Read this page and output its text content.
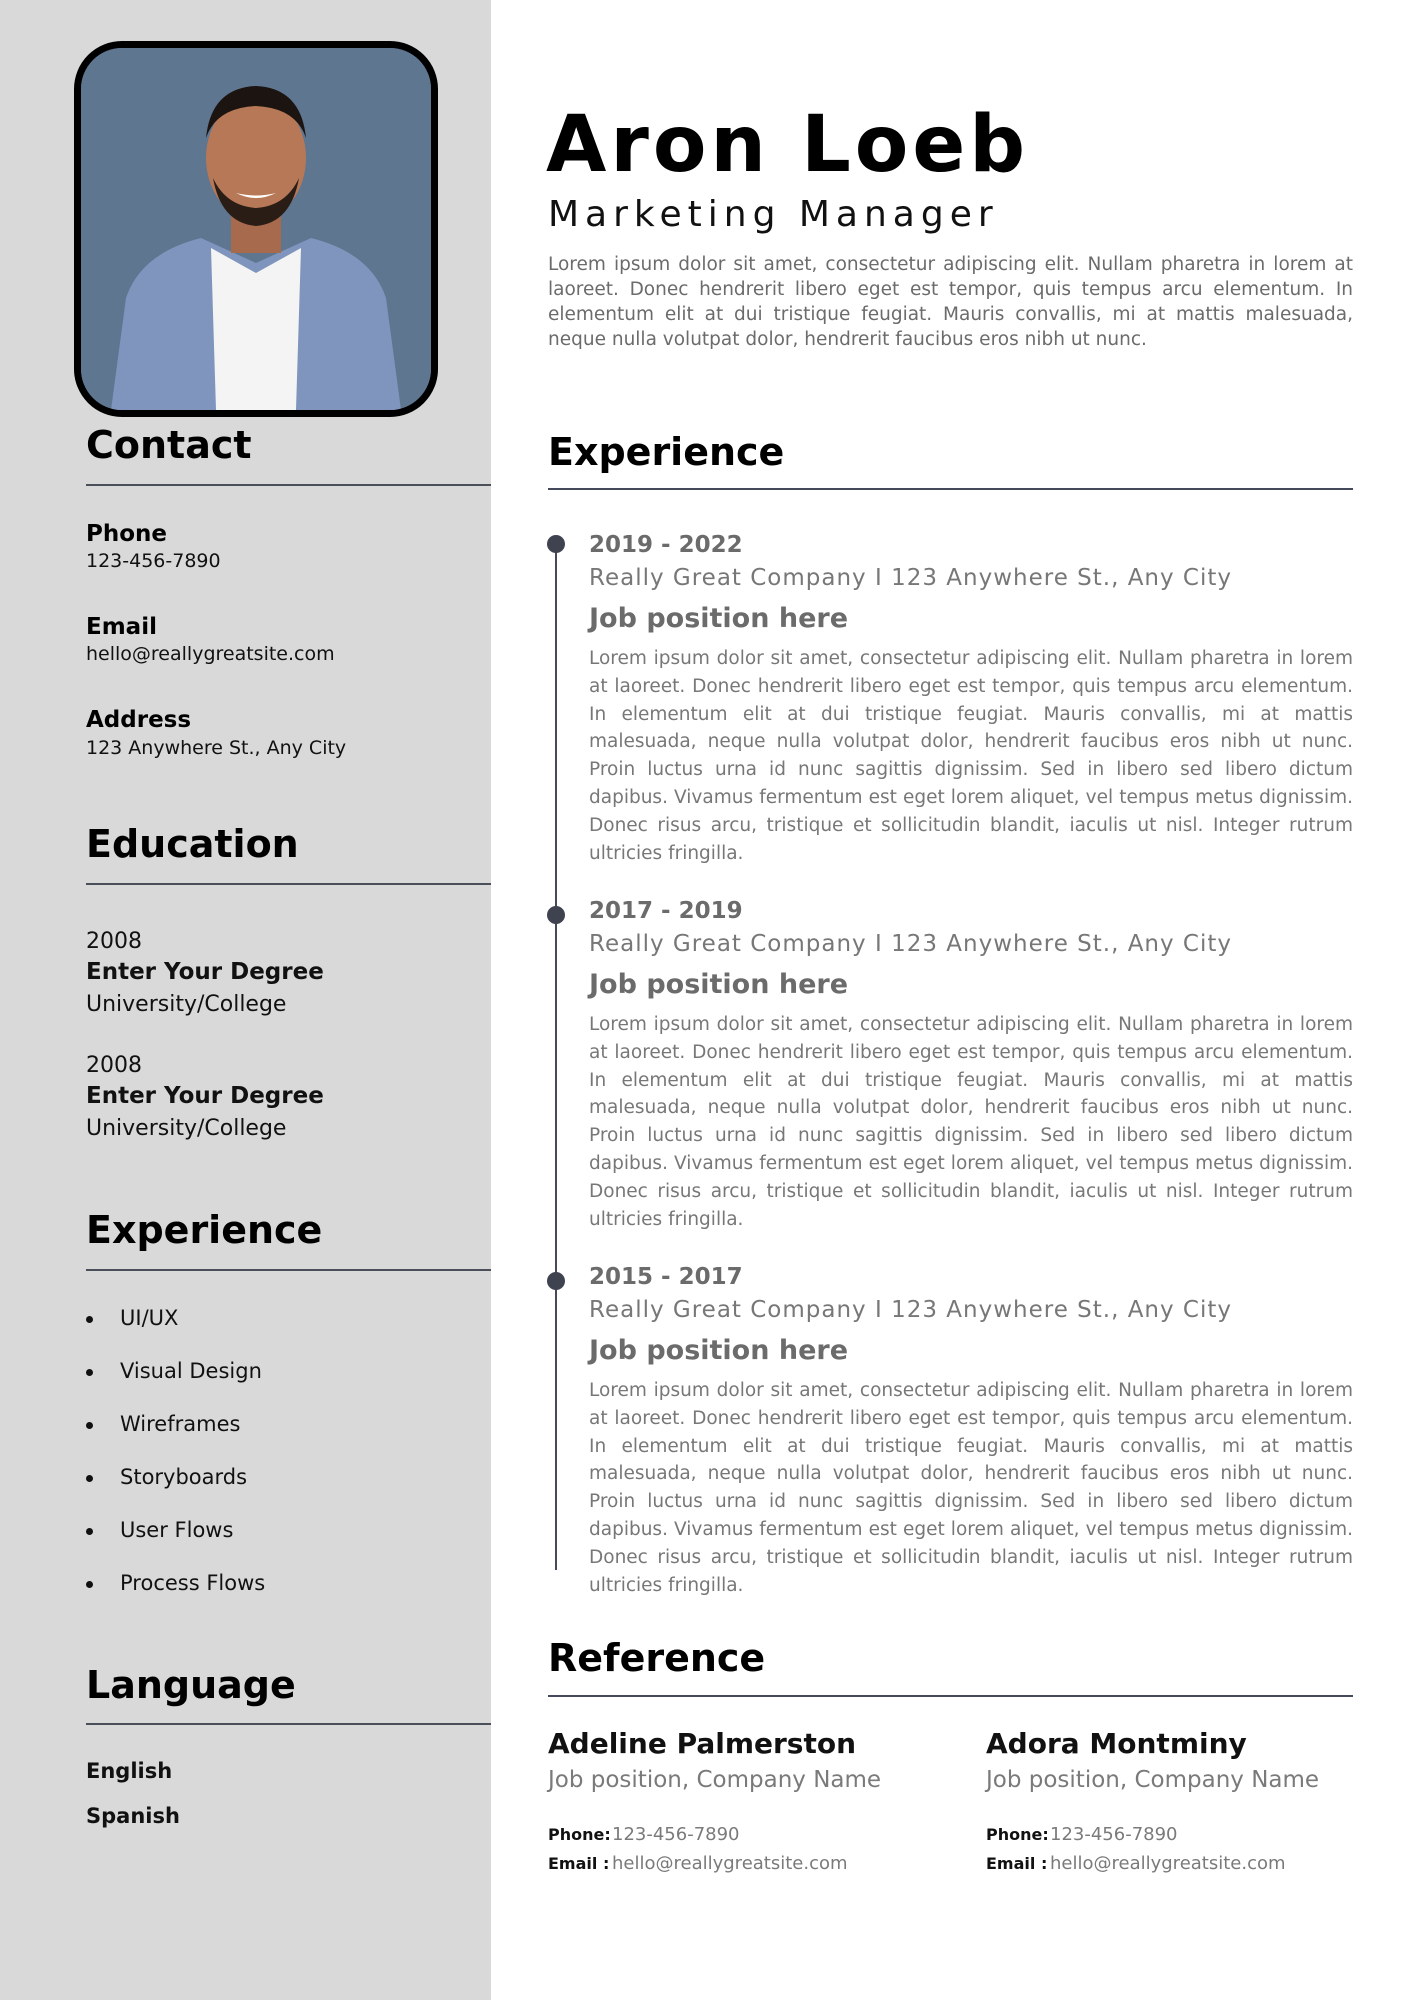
Contact
Phone
123-456-7890
Email
hello@reallygreatsite.com
Address
123 Anywhere St., Any City
Education
2008
Enter Your Degree
University/College
2008
Enter Your Degree
University/College
Experience
UI/UX
Visual Design
Wireframes
Storyboards
User Flows
Process Flows
Language
English
Spanish
Aron Loeb
Marketing Manager

Lorem ipsum dolor sit amet, consectetur adipiscing elit. Nullam pharetra in lorem at laoreet. Donec hendrerit libero eget est tempor, quis tempus arcu elementum. In elementum elit at dui tristique feugiat. Mauris convallis, mi at mattis malesuada, neque nulla volutpat dolor, hendrerit faucibus eros nibh ut nunc.

Experience
2019 - 2022
Really Great Company I 123 Anywhere St., Any City
Job position here

Lorem ipsum dolor sit amet, consectetur adipiscing elit. Nullam pharetra in lorem at laoreet. Donec hendrerit libero eget est tempor, quis tempus arcu elementum. In elementum elit at dui tristique feugiat. Mauris convallis, mi at mattis malesuada, neque nulla volutpat dolor, hendrerit faucibus eros nibh ut nunc. Proin luctus urna id nunc sagittis dignissim. Sed in libero sed libero dictum dapibus. Vivamus fermentum est eget lorem aliquet, vel tempus metus dignissim. Donec risus arcu, tristique et sollicitudin blandit, iaculis ut nisl. Integer rutrum ultricies fringilla.

2017 - 2019
Really Great Company I 123 Anywhere St., Any City
Job position here

Lorem ipsum dolor sit amet, consectetur adipiscing elit. Nullam pharetra in lorem at laoreet. Donec hendrerit libero eget est tempor, quis tempus arcu elementum. In elementum elit at dui tristique feugiat. Mauris convallis, mi at mattis malesuada, neque nulla volutpat dolor, hendrerit faucibus eros nibh ut nunc. Proin luctus urna id nunc sagittis dignissim. Sed in libero sed libero dictum dapibus. Vivamus fermentum est eget lorem aliquet, vel tempus metus dignissim. Donec risus arcu, tristique et sollicitudin blandit, iaculis ut nisl. Integer rutrum ultricies fringilla.

2015 - 2017
Really Great Company I 123 Anywhere St., Any City
Job position here

Lorem ipsum dolor sit amet, consectetur adipiscing elit. Nullam pharetra in lorem at laoreet. Donec hendrerit libero eget est tempor, quis tempus arcu elementum. In elementum elit at dui tristique feugiat. Mauris convallis, mi at mattis malesuada, neque nulla volutpat dolor, hendrerit faucibus eros nibh ut nunc. Proin luctus urna id nunc sagittis dignissim. Sed in libero sed libero dictum dapibus. Vivamus fermentum est eget lorem aliquet, vel tempus metus dignissim. Donec risus arcu, tristique et sollicitudin blandit, iaculis ut nisl. Integer rutrum ultricies fringilla.

Reference
Adeline Palmerston
Job position, Company Name
Phone:123-456-7890
Email : hello@reallygreatsite.com
Adora Montminy
Job position, Company Name
Phone:123-456-7890
Email : hello@reallygreatsite.com
